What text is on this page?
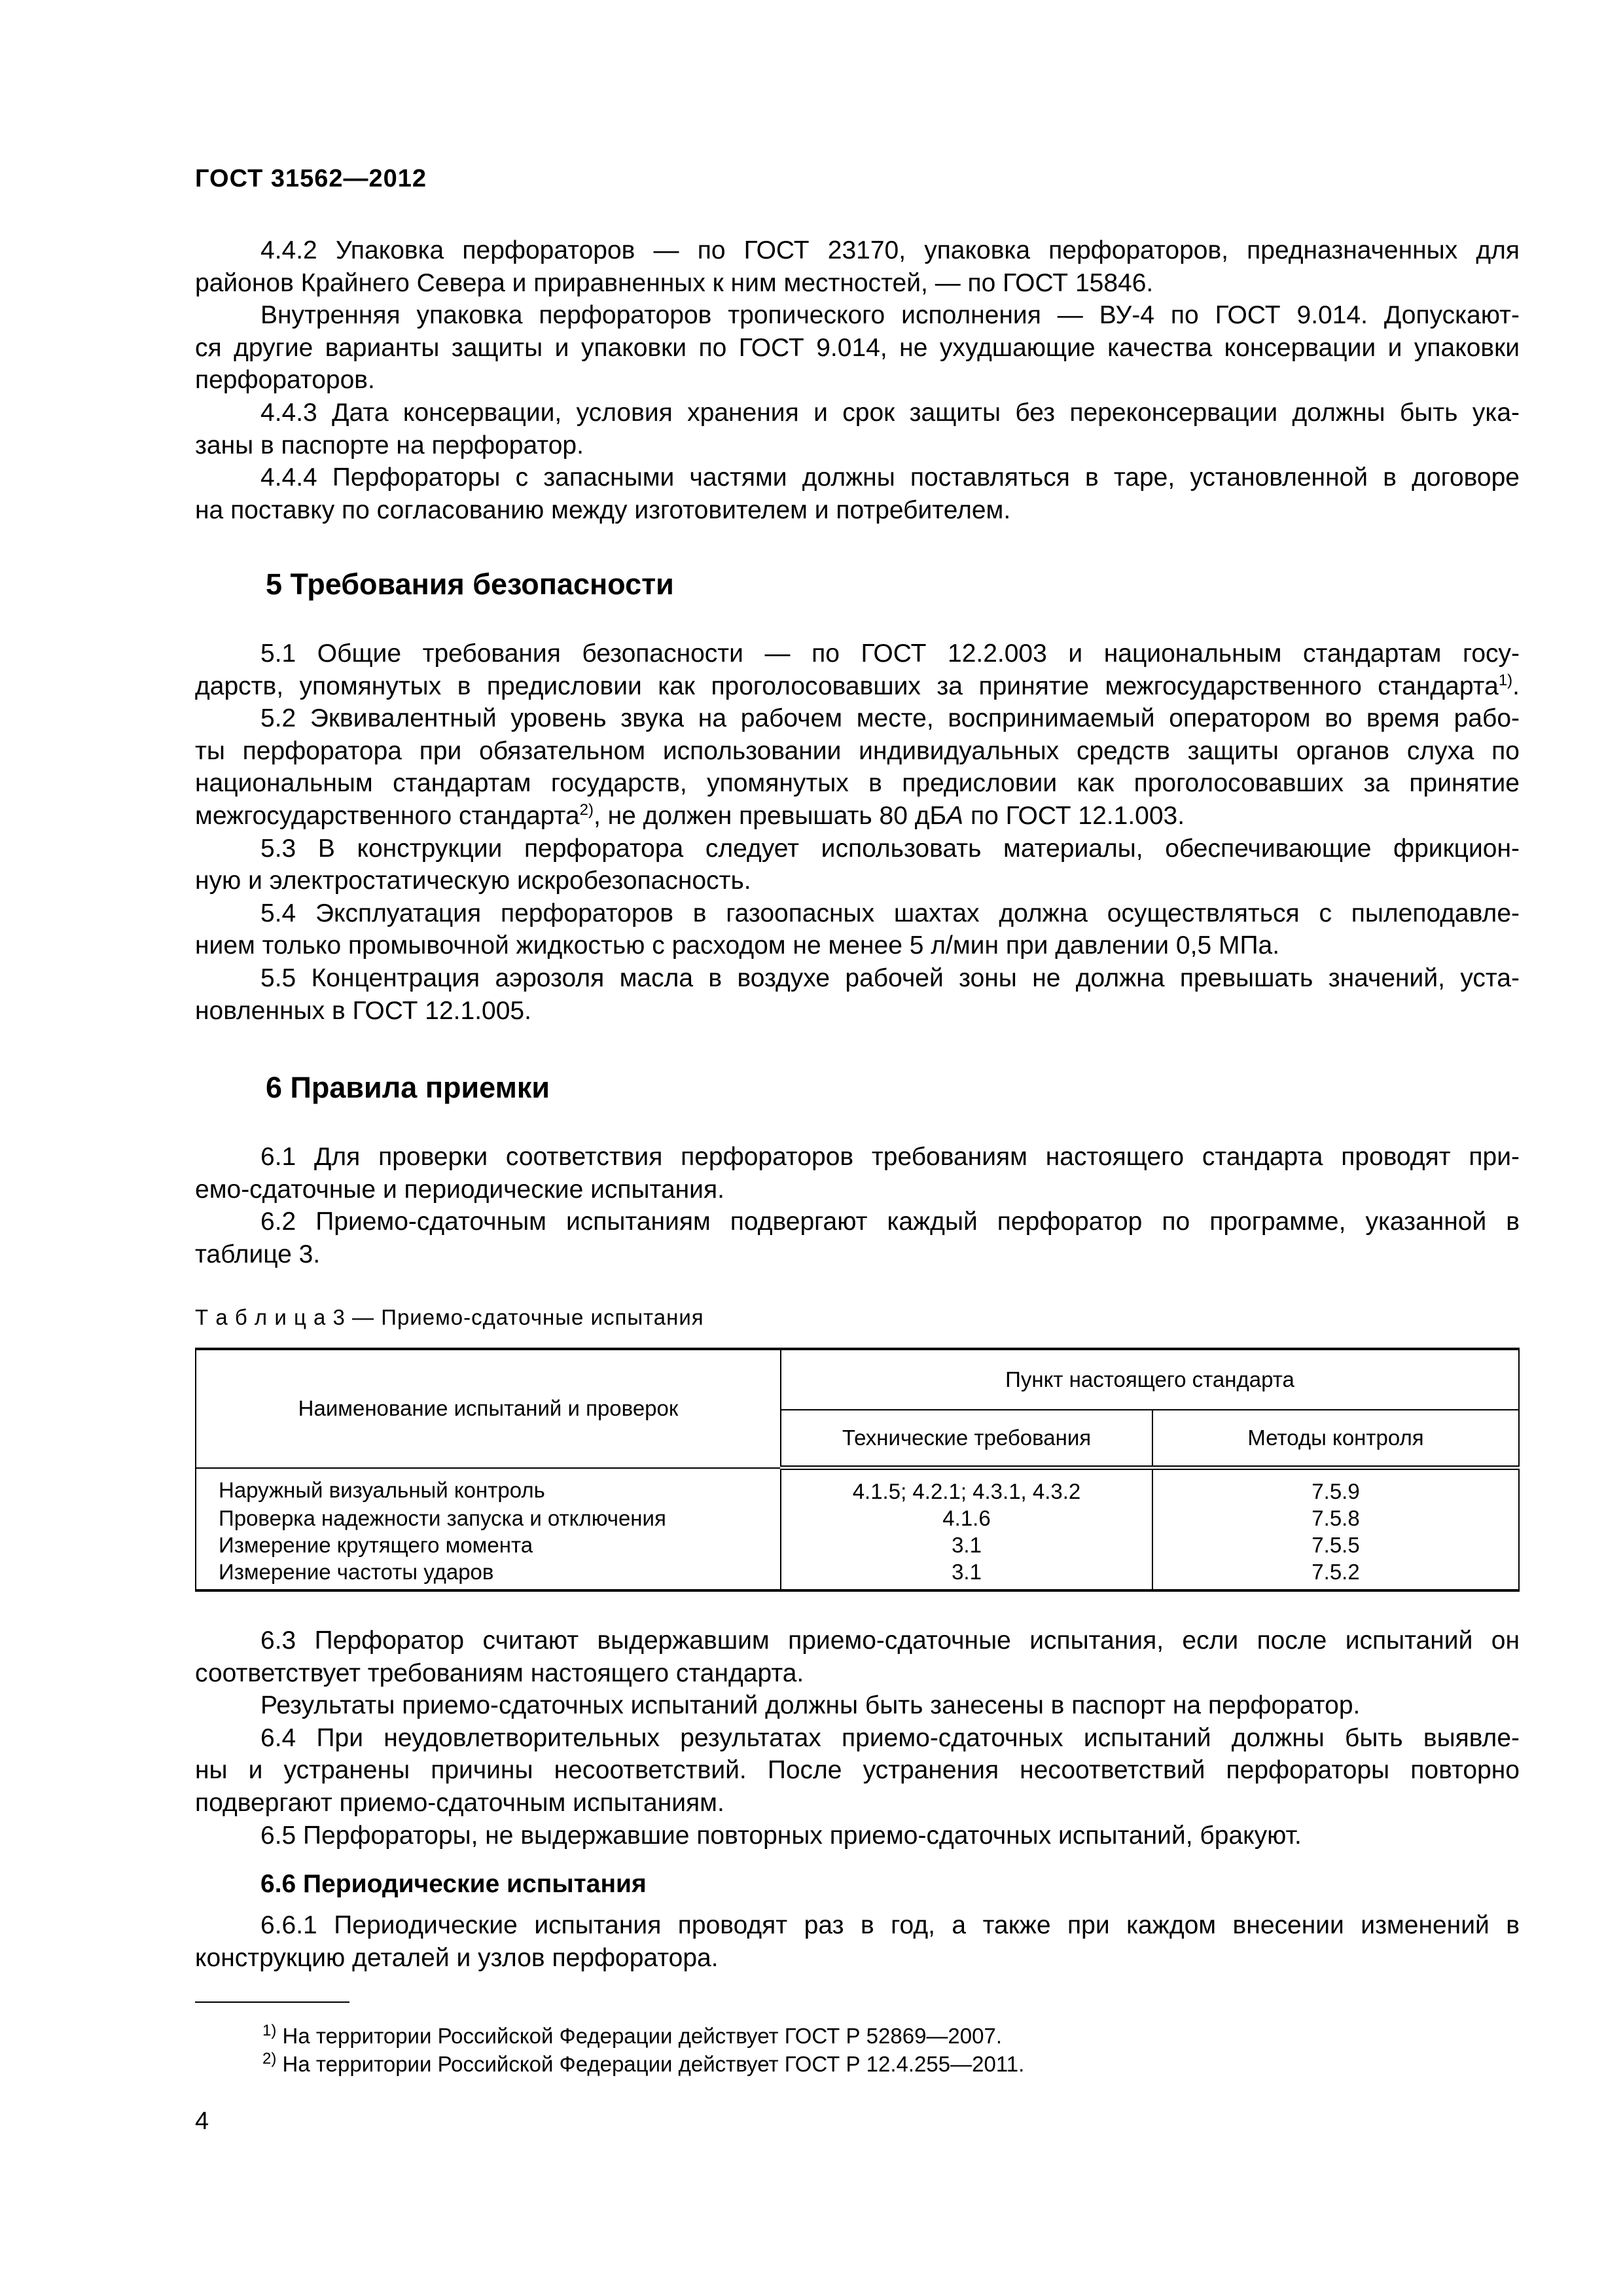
ГОСТ 31562—2012
4.4.2 Упаковка перфораторов — по ГОСТ 23170, упаковка перфораторов, предназначенных для
районов Крайнего Севера и приравненных к ним местностей, — по ГОСТ 15846.
Внутренняя упаковка перфораторов тропического исполнения — ВУ-4 по ГОСТ 9.014. Допускают-
ся другие варианты защиты и упаковки по ГОСТ 9.014, не ухудшающие качества консервации и упаковки
перфораторов.
4.4.3 Дата консервации, условия хранения и срок защиты без переконсервации должны быть ука-
заны в паспорте на перфоратор.
4.4.4 Перфораторы с запасными частями должны поставляться в таре, установленной в договоре
на поставку по согласованию между изготовителем и потребителем.
5 Требования безопасности
5.1 Общие требования безопасности — по ГОСТ 12.2.003 и национальным стандартам госу-
дарств, упомянутых в предисловии как проголосовавших за принятие межгосударственного стандарта$^{1)}$.
5.2 Эквивалентный уровень звука на рабочем месте, воспринимаемый оператором во время рабо-
ты перфоратора при обязательном использовании индивидуальных средств защиты органов слуха по
национальным стандартам государств, упомянутых в предисловии как проголосовавших за принятие
межгосударственного стандарта$^{2)}$, не должен превышать 80 дБА по ГОСТ 12.1.003.
5.3 В конструкции перфоратора следует использовать материалы, обеспечивающие фрикцион-
ную и электростатическую искробезопасность.
5.4 Эксплуатация перфораторов в газоопасных шахтах должна осуществляться с пылеподавле-
нием только промывочной жидкостью с расходом не менее 5 л/мин при давлении 0,5 МПа.
5.5 Концентрация аэрозоля масла в воздухе рабочей зоны не должна превышать значений, уста-
новленных в ГОСТ 12.1.005.
6 Правила приемки
6.1 Для проверки соответствия перфораторов требованиям настоящего стандарта проводят при-
емо-сдаточные и периодические испытания.
6.2 Приемо-сдаточным испытаниям подвергают каждый перфоратор по программе, указанной в
таблице 3.
Т а б л и ц а 3 — Приемо-сдаточные испытания
Наименование испытаний и проверок	Пункт настоящего стандарта	
	Технические требования	Методы контроля
Наружный визуальный контроль	4.1.5; 4.2.1; 4.3.1, 4.3.2	7.5.9
Проверка надежности запуска и отключения	4.1.6	7.5.8
Измерение крутящего момента	3.1	7.5.5
Измерение частоты ударов	3.1	7.5.2
6.3 Перфоратор считают выдержавшим приемо-сдаточные испытания, если после испытаний он
соответствует требованиям настоящего стандарта.
Результаты приемо-сдаточных испытаний должны быть занесены в паспорт на перфоратор.
6.4 При неудовлетворительных результатах приемо-сдаточных испытаний должны быть выявле-
ны и устранены причины несоответствий. После устранения несоответствий перфораторы повторно
подвергают приемо-сдаточным испытаниям.
6.5 Перфораторы, не выдержавшие повторных приемо-сдаточных испытаний, бракуют.
6.6 Периодические испытания
6.6.1 Периодические испытания проводят раз в год, а также при каждом внесении изменений в
конструкцию деталей и узлов перфоратора.
$^{1)}$ На территории Российской Федерации действует ГОСТ Р 52869—2007.
$^{2)}$ На территории Российской Федерации действует ГОСТ Р 12.4.255—2011.
4
